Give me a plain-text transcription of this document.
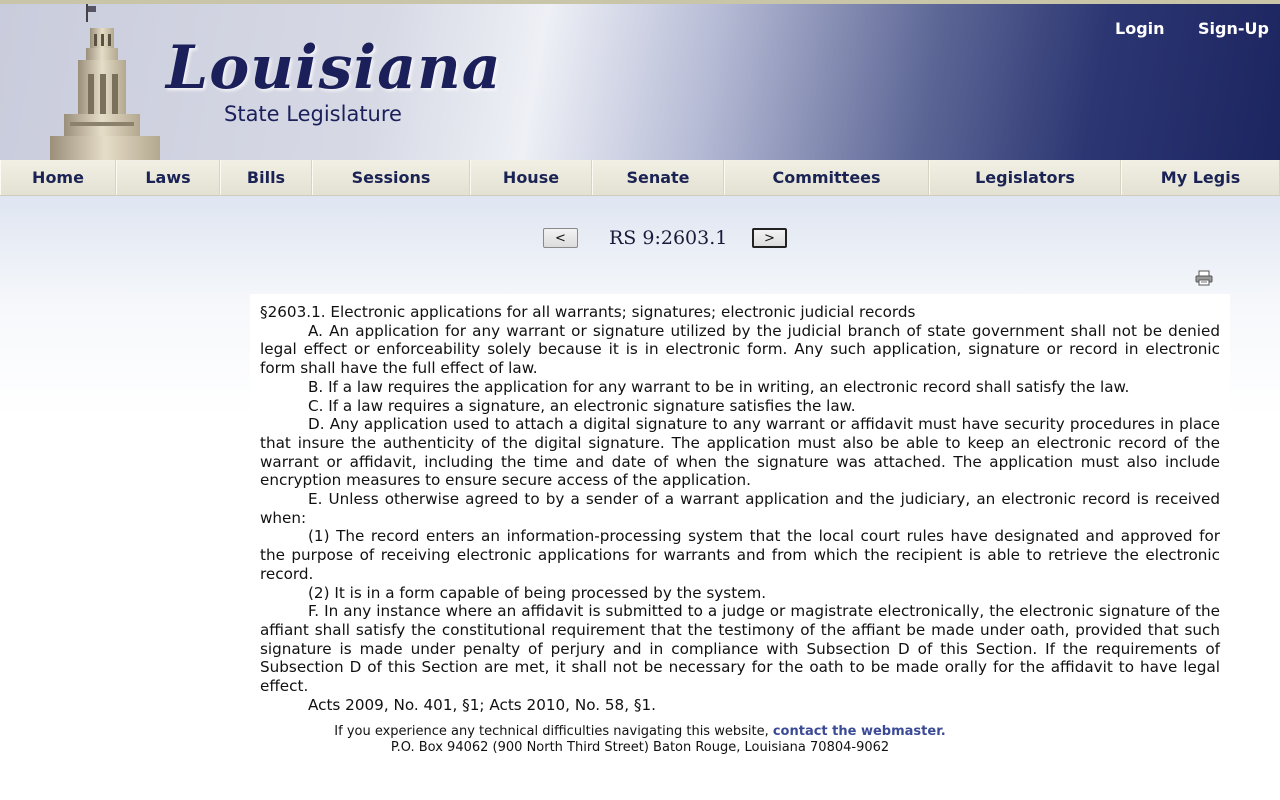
Louisiana
State Legislature
Login Sign-Up
Home	Laws	Bills	Sessions	House	Senate	Committees	Legislators	My Legis
<	RS 9:2603.1	>

§2603.1. Electronic applications for all warrants; signatures; electronic judicial records

A. An application for any warrant or signature utilized by the judicial branch of state government shall not be denied legal effect or enforceability solely because it is in electronic form. Any such application, signature or record in electronic form shall have the full effect of law.

B. If a law requires the application for any warrant to be in writing, an electronic record shall satisfy the law.

C. If a law requires a signature, an electronic signature satisfies the law.

D. Any application used to attach a digital signature to any warrant or affidavit must have security procedures in place that insure the authenticity of the digital signature. The application must also be able to keep an electronic record of the warrant or affidavit, including the time and date of when the signature was attached. The application must also include encryption measures to ensure secure access of the application.

E. Unless otherwise agreed to by a sender of a warrant application and the judiciary, an electronic record is received when:

(1) The record enters an information-processing system that the local court rules have designated and approved for the purpose of receiving electronic applications for warrants and from which the recipient is able to retrieve the electronic record.

(2) It is in a form capable of being processed by the system.

F. In any instance where an affidavit is submitted to a judge or magistrate electronically, the electronic signature of the affiant shall satisfy the constitutional requirement that the testimony of the affiant be made under oath, provided that such signature is made under penalty of perjury and in compliance with Subsection D of this Section. If the requirements of Subsection D of this Section are met, it shall not be necessary for the oath to be made orally for the affidavit to have legal effect.

Acts 2009, No. 401, §1; Acts 2010, No. 58, §1.

If you experience any technical difficulties navigating this website, contact the webmaster.
P.O. Box 94062 (900 North Third Street) Baton Rouge, Louisiana 70804-9062
